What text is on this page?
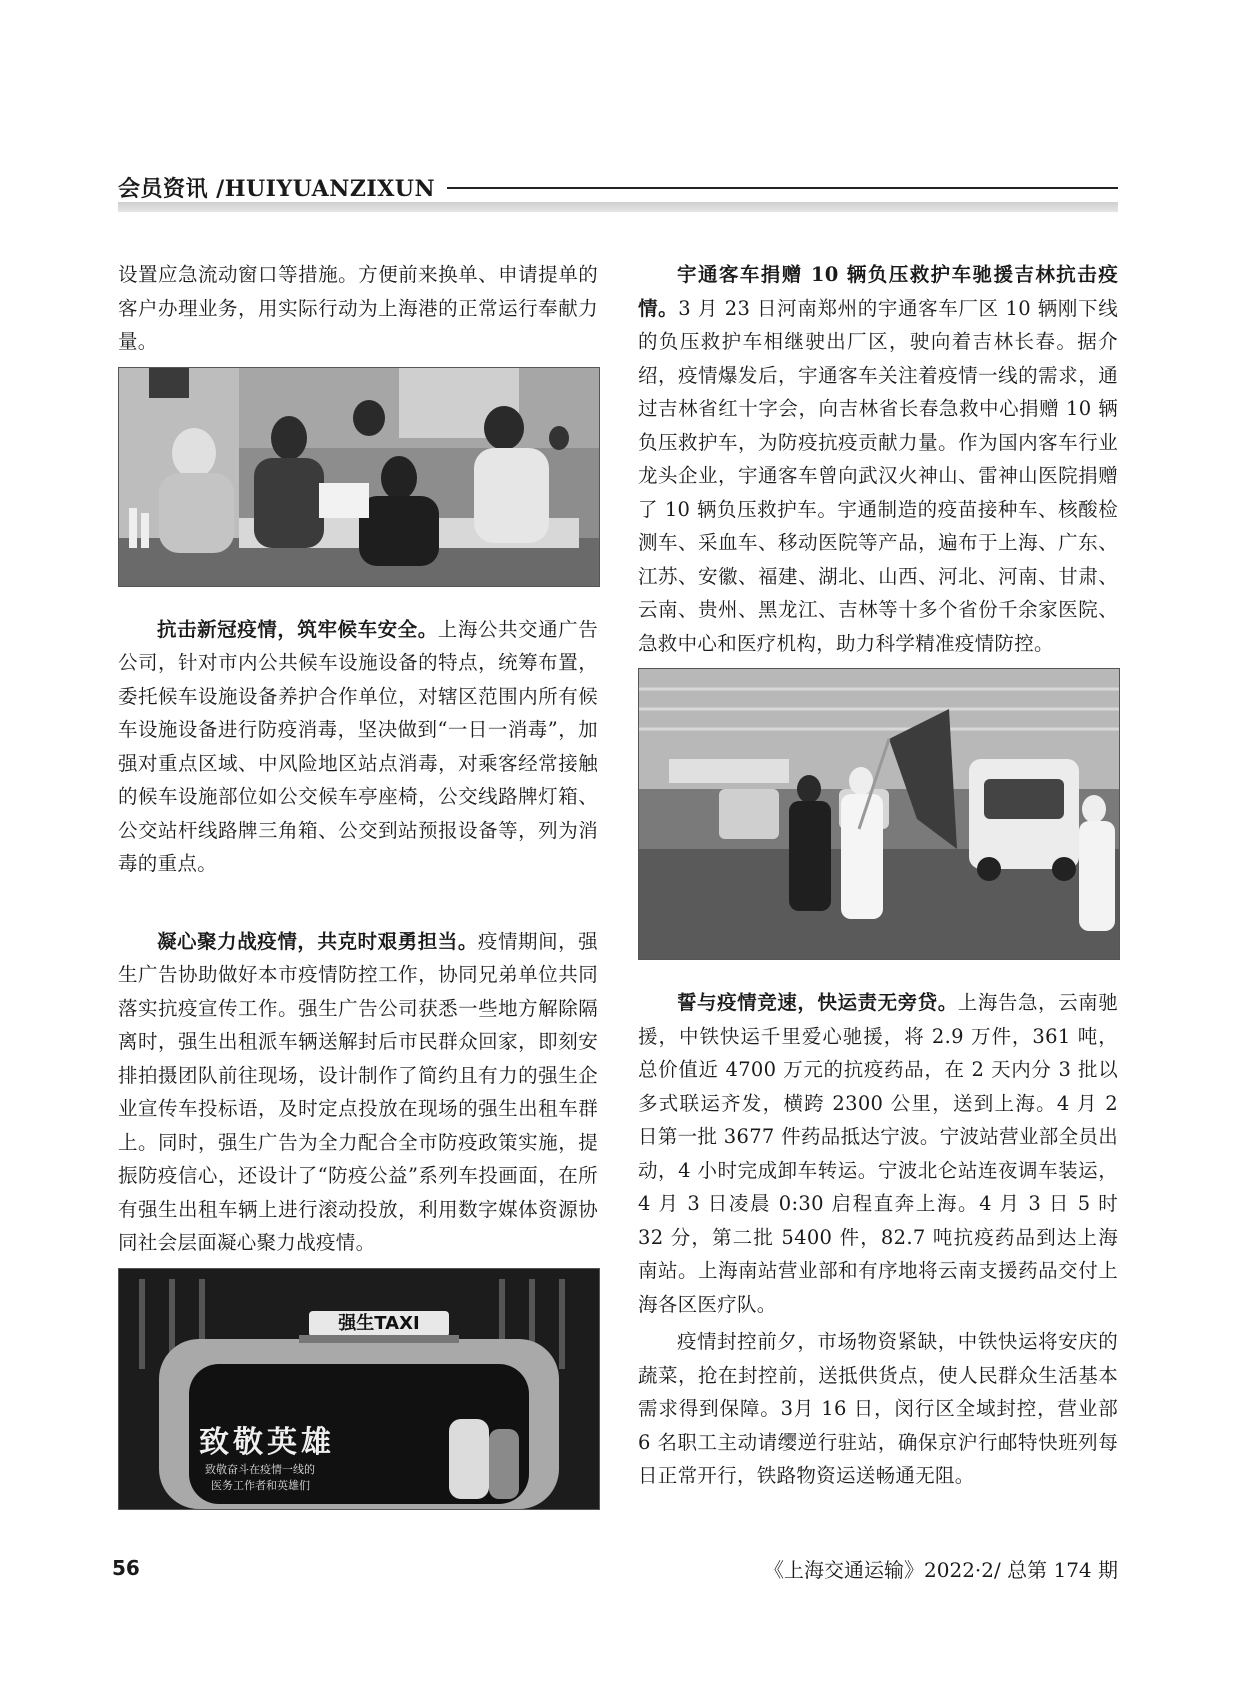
会员资讯 /HUIYUANZIXUN

设置应急流动窗口等措施。方便前来换单、申请提单的客户办理业务，用实际行动为上海港的正常运行奉献力量。

抗击新冠疫情，筑牢候车安全。上海公共交通广告公司，针对市内公共候车设施设备的特点，统筹布置，委托候车设施设备养护合作单位，对辖区范围内所有候车设施设备进行防疫消毒，坚决做到“一日一消毒”，加强对重点区域、中风险地区站点消毒，对乘客经常接触的候车设施部位如公交候车亭座椅，公交线路牌灯箱、公交站杆线路牌三角箱、公交到站预报设备等，列为消毒的重点。

凝心聚力战疫情，共克时艰勇担当。疫情期间，强生广告协助做好本市疫情防控工作，协同兄弟单位共同落实抗疫宣传工作。强生广告公司获悉一些地方解除隔离时，强生出租派车辆送解封后市民群众回家，即刻安排拍摄团队前往现场，设计制作了简约且有力的强生企业宣传车投标语，及时定点投放在现场的强生出租车群上。同时，强生广告为全力配合全市防疫政策实施，提振防疫信心，还设计了“防疫公益”系列车投画面，在所有强生出租车辆上进行滚动投放，利用数字媒体资源协同社会层面凝心聚力战疫情。

强生TAXI
致敬英雄
致敬奋斗在疫情一线的
医务工作者和英雄们

宇通客车捐赠 10 辆负压救护车驰援吉林抗击疫情。3 月 23 日河南郑州的宇通客车厂区 10 辆刚下线的负压救护车相继驶出厂区，驶向着吉林长春。据介绍，疫情爆发后，宇通客车关注着疫情一线的需求，通过吉林省红十字会，向吉林省长春急救中心捐赠 10 辆负压救护车，为防疫抗疫贡献力量。作为国内客车行业龙头企业，宇通客车曾向武汉火神山、雷神山医院捐赠了 10 辆负压救护车。宇通制造的疫苗接种车、核酸检测车、采血车、移动医院等产品，遍布于上海、广东、江苏、安徽、福建、湖北、山西、河北、河南、甘肃、云南、贵州、黑龙江、吉林等十多个省份千余家医院、急救中心和医疗机构，助力科学精准疫情防控。

誓与疫情竞速，快运责无旁贷。上海告急，云南驰援，中铁快运千里爱心驰援，将 2.9 万件，361 吨，总价值近 4700 万元的抗疫药品，在 2 天内分 3 批以多式联运齐发，横跨 2300 公里，送到上海。4 月 2 日第一批 3677 件药品抵达宁波。宁波站营业部全员出动，4 小时完成卸车转运。宁波北仑站连夜调车装运，4 月 3 日凌晨 0:30 启程直奔上海。4 月 3 日 5 时 32 分，第二批 5400 件，82.7 吨抗疫药品到达上海南站。上海南站营业部和有序地将云南支援药品交付上海各区医疗队。

疫情封控前夕，市场物资紧缺，中铁快运将安庆的蔬菜，抢在封控前，送抵供货点，使人民群众生活基本需求得到保障。3月 16 日，闵行区全域封控，营业部 6 名职工主动请缨逆行驻站，确保京沪行邮特快班列每日正常开行，铁路物资运送畅通无阻。

56	《上海交通运输》2022·2/ 总第 174 期
